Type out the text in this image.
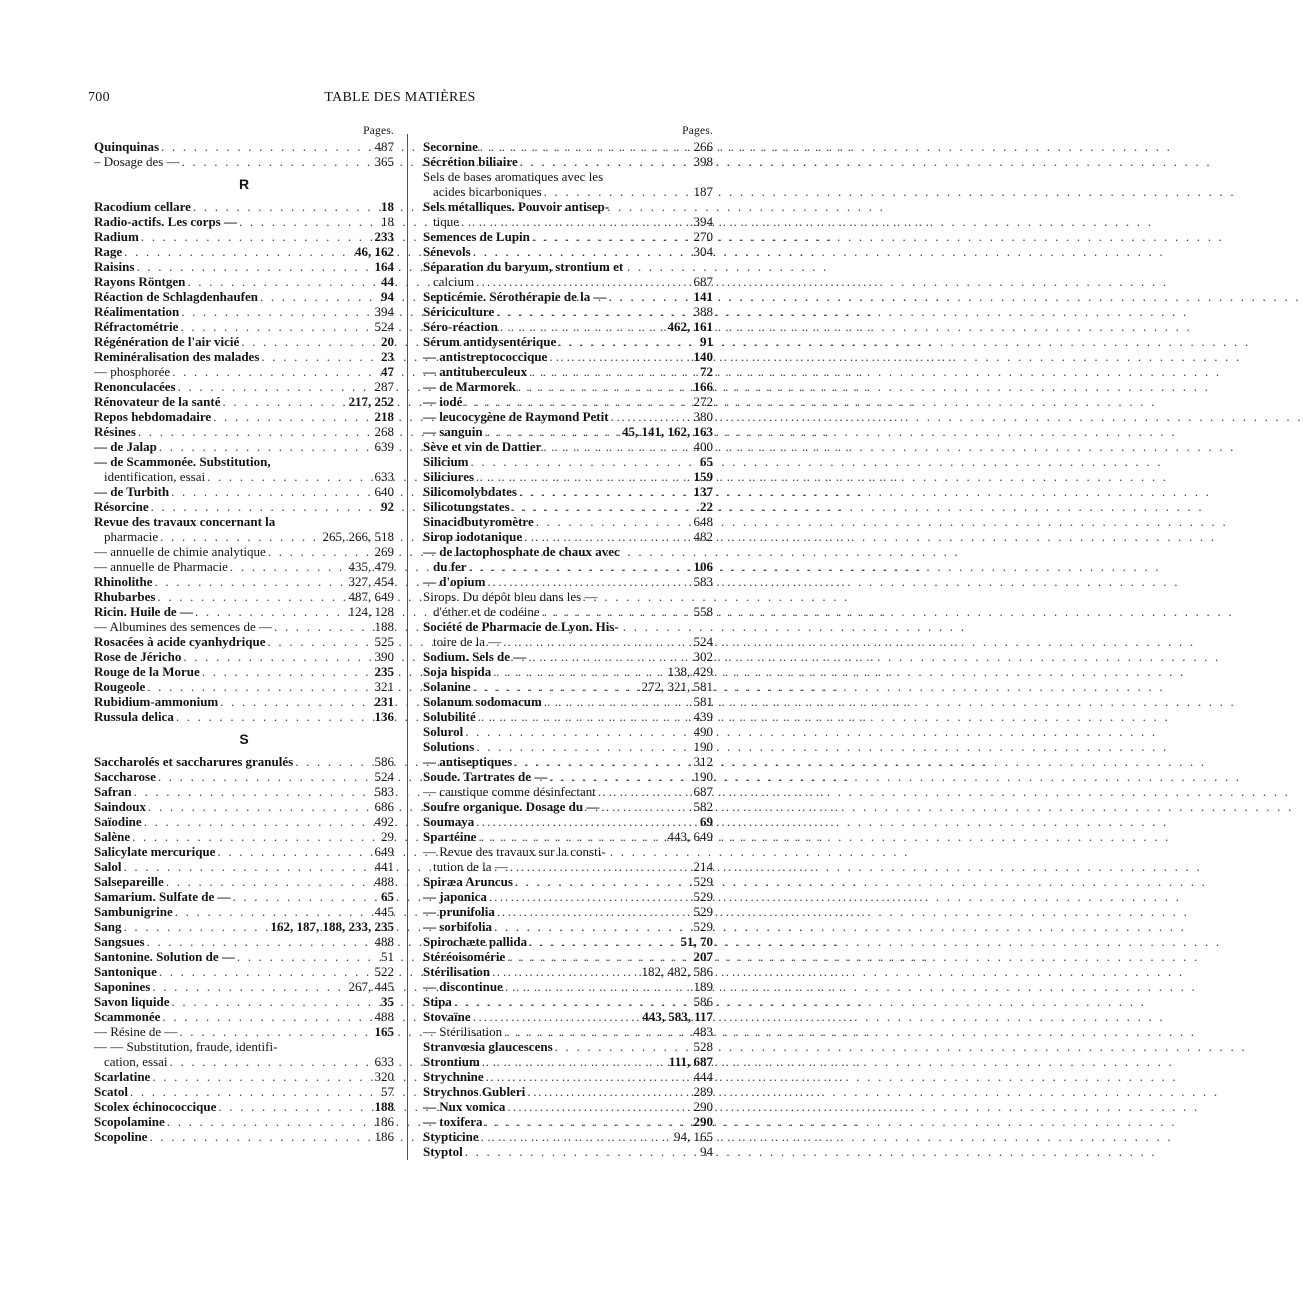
700	TABLE DES MATIÈRES
Pages.
Quinquinas . . .	487
– Dosage des — . . .	365
R
Racodium cellare . . .	18
Radio-actifs. Les corps — . . .	18
Radium . . .	233
Rage . . .	46, 162
Raisins . . .	164
Rayons Röntgen . . .	44
Réaction de Schlagdenhaufen . . .	94
Réalimentation . . .	394
Réfractométrie . . .	524
Régénération de l'air vicié . . .	20
Reminéralisation des malades . . .	23
— phosphorée . . .	47
Renonculacées . . .	287
Rénovateur de la santé . . .	217, 252
Repos hebdomadaire . . .	218
Résines . . .	268
— de Jalap . . .	639
— de Scammonée. Substitution,
identification, essai . . .	633
— de Turbith . . .	640
Résorcine . . .	92
Revue des travaux concernant la
pharmacie . . .	265, 266, 518
— annuelle de chimie analytique . . .	269
— annuelle de Pharmacie . . .	435, 479
Rhinolithe . . .	327, 454
Rhubarbes . . .	487, 649
Ricin. Huile de — . . .	124, 128
— Albumines des semences de — . . .	188
Rosacées à acide cyanhydrique . . .	525
Rose de Jéricho . . .	390
Rouge de la Morue . . .	235
Rougeole . . .	321
Rubidium-ammonium . . .	231
Russula delica . . .	136
S
Saccharolés et saccharures granulés . . .	586
Saccharose . . .	524
Safran . . .	583
Saindoux . . .	686
Saïodine . . .	492
Salène . . .	29
Salicylate mercurique . . .	649
Salol . . .	441
Salsepareille . . .	488
Samarium. Sulfate de — . . .	65
Sambunigrine . . .	445
Sang . . .	162, 187, 188, 233, 235
Sangsues . . .	488
Santonine. Solution de — . . .	51
Santonique . . .	522
Saponines . . .	267, 445
Savon liquide . . .	35
Scammonée . . .	488
— Résine de — . . .	165
— — Substitution, fraude, identifi-
cation, essai . . .	633
Scarlatine . . .	320
Scatol . . .	57
Scolex échinococcique . . .	188
Scopolamine . . .	186
Scopoline . . .	186
Pages.
Secornine . . .	266
Sécrétion biliaire . . .	398
Sels de bases aromatiques avec les
acides bicarboniques . . .	187
Sels métalliques. Pouvoir antisep-
tique . . .	394
Semences de Lupin . . .	270
Sénevols . . .	304
Séparation du baryum, strontium et
calcium . . .	687
Septicémie. Sérothérapie de la — . . .	141
Sériciculture . . .	388
Séro-réaction . . .	462, 161
Sérum antidysentérique . . .	91
— antistreptococcique . . .	140
— antituberculeux . . .	72
— de Marmorek . . .	166
— iodé . . .	272
— leucocygène de Raymond Petit . . .	380
— sanguin . . .	45, 141, 162, 163
Sève et vin de Dattier . . .	400
Silicium . . .	65
Siliciures . . .	159
Silicomolybdates . . .	137
Silicotungstates . . .	22
Sinacidbutyromètre . . .	648
Sirop iodotanique . . .	482
— de lactophosphate de chaux avec
du fer . . .	106
— d'opium . . .	583
Sirops. Du dépôt bleu dans les —
d'éther et de codéine . . .	558
Société de Pharmacie de Lyon. His-
toire de la — . . .	524
Sodium. Sels de — . . .	302
Soja hispida . . .	138, 429
Solanine . . .	272, 321, 581
Solanum sodomacum . . .	581
Solubilité . . .	439
Solurol . . .	490
Solutions . . .	190
— antiseptiques . . .	312
Soude. Tartrates de — . . .	190
— caustique comme désinfectant . . .	687
Soufre organique. Dosage du — . . .	582
Soumaya . . .	69
Spartéine . . .	443, 649
— Revue des travaux sur la consti-
tution de la — . . .	214
Spiræa Aruncus . . .	529
— japonica . . .	529
— prunifolia . . .	529
— sorbifolia . . .	529
Spirochæte pallida . . .	51, 70
Stéréoisomérie . . .	207
Stérilisation . . .	182, 482, 586
— discontinue . . .	189
Stipa . . .	586
Stovaïne . . .	443, 583, 117
— Stérilisation . . .	483
Stranvœsia glaucescens . . .	528
Strontium . . .	111, 687
Strychnine . . .	444
Strychnos Gubleri . . .	289
— Nux vomica . . .	290
— toxifera . . .	290
Stypticine . . .	94, 165
Styptol . . .	94
